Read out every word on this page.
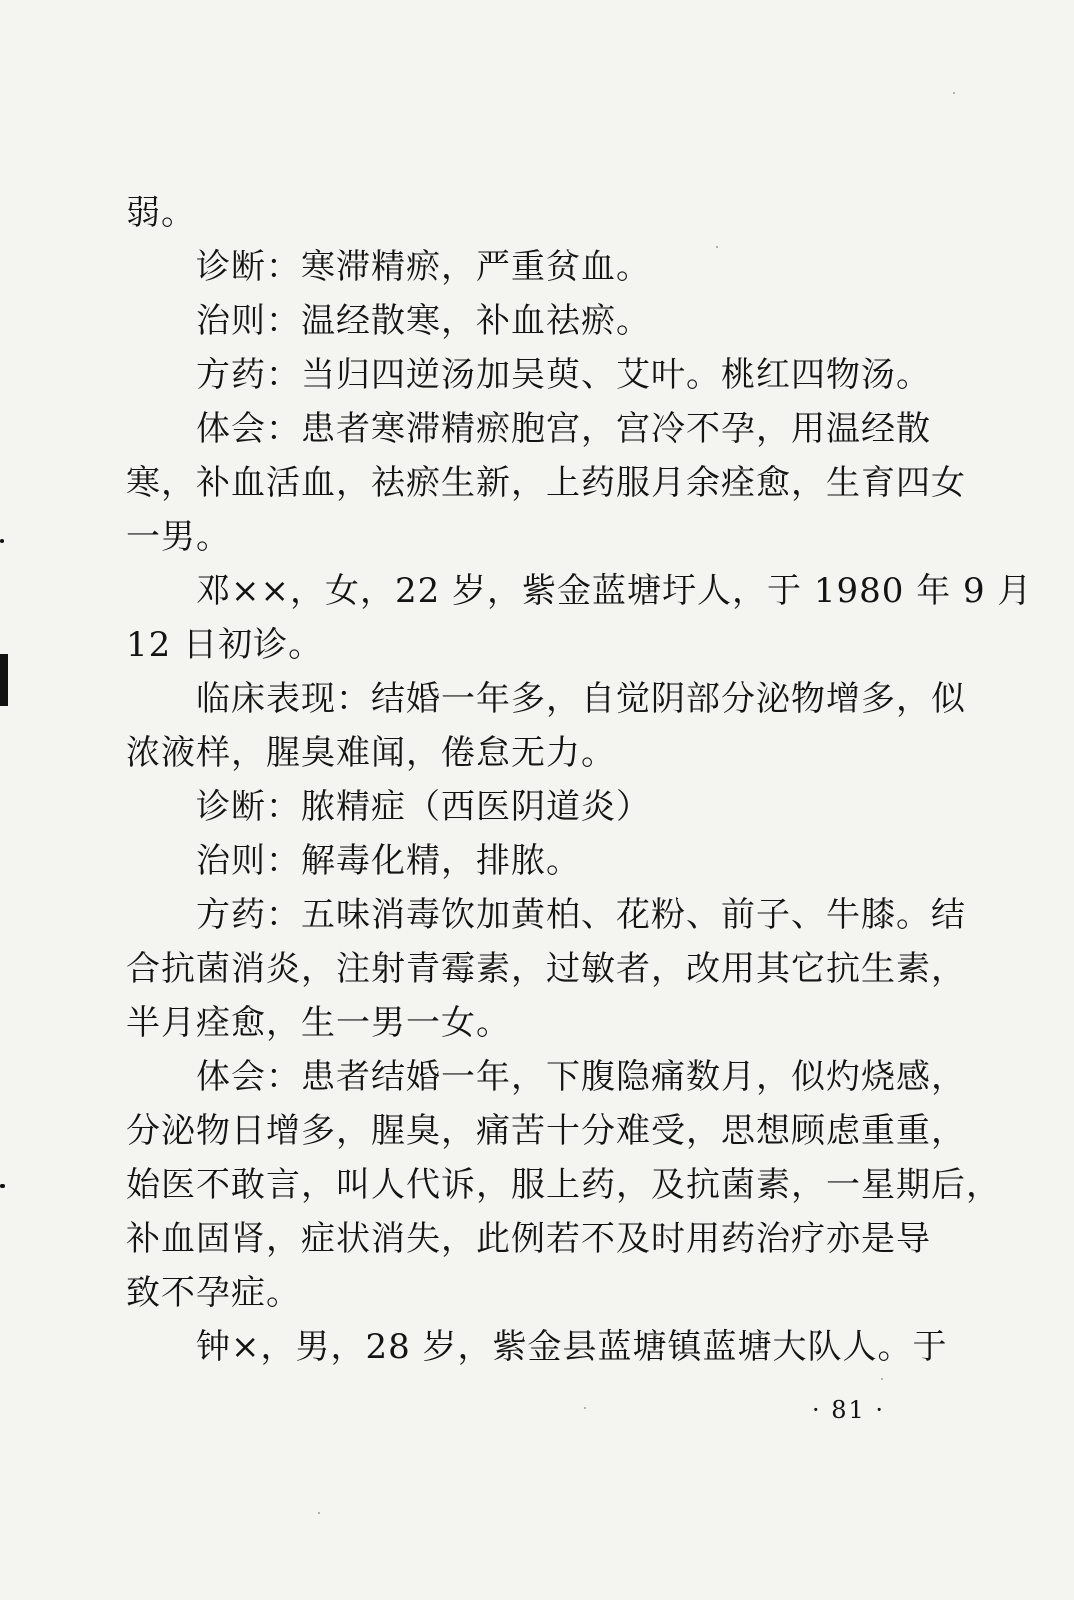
弱。
诊断：寒滞精瘀，严重贫血。
治则：温经散寒，补血祛瘀。
方药：当归四逆汤加吴萸、艾叶。桃红四物汤。
体会：患者寒滞精瘀胞宫，宫冷不孕，用温经散
寒，补血活血，祛瘀生新，上药服月余痊愈，生育四女
一男。
邓××，女，22 岁，紫金蓝塘圩人，于 1980 年 9 月
12 日初诊。
临床表现：结婚一年多，自觉阴部分泌物增多，似
浓液样，腥臭难闻，倦怠无力。
诊断：脓精症（西医阴道炎）
治则：解毒化精，排脓。
方药：五味消毒饮加黄柏、花粉、前子、牛膝。结
合抗菌消炎，注射青霉素，过敏者，改用其它抗生素，
半月痊愈，生一男一女。
体会：患者结婚一年，下腹隐痛数月，似灼烧感，
分泌物日增多，腥臭，痛苦十分难受，思想顾虑重重，
始医不敢言，叫人代诉，服上药，及抗菌素，一星期后，
补血固肾，症状消失，此例若不及时用药治疗亦是导
致不孕症。
钟×，男，28 岁，紫金县蓝塘镇蓝塘大队人。于
· 81 ·
